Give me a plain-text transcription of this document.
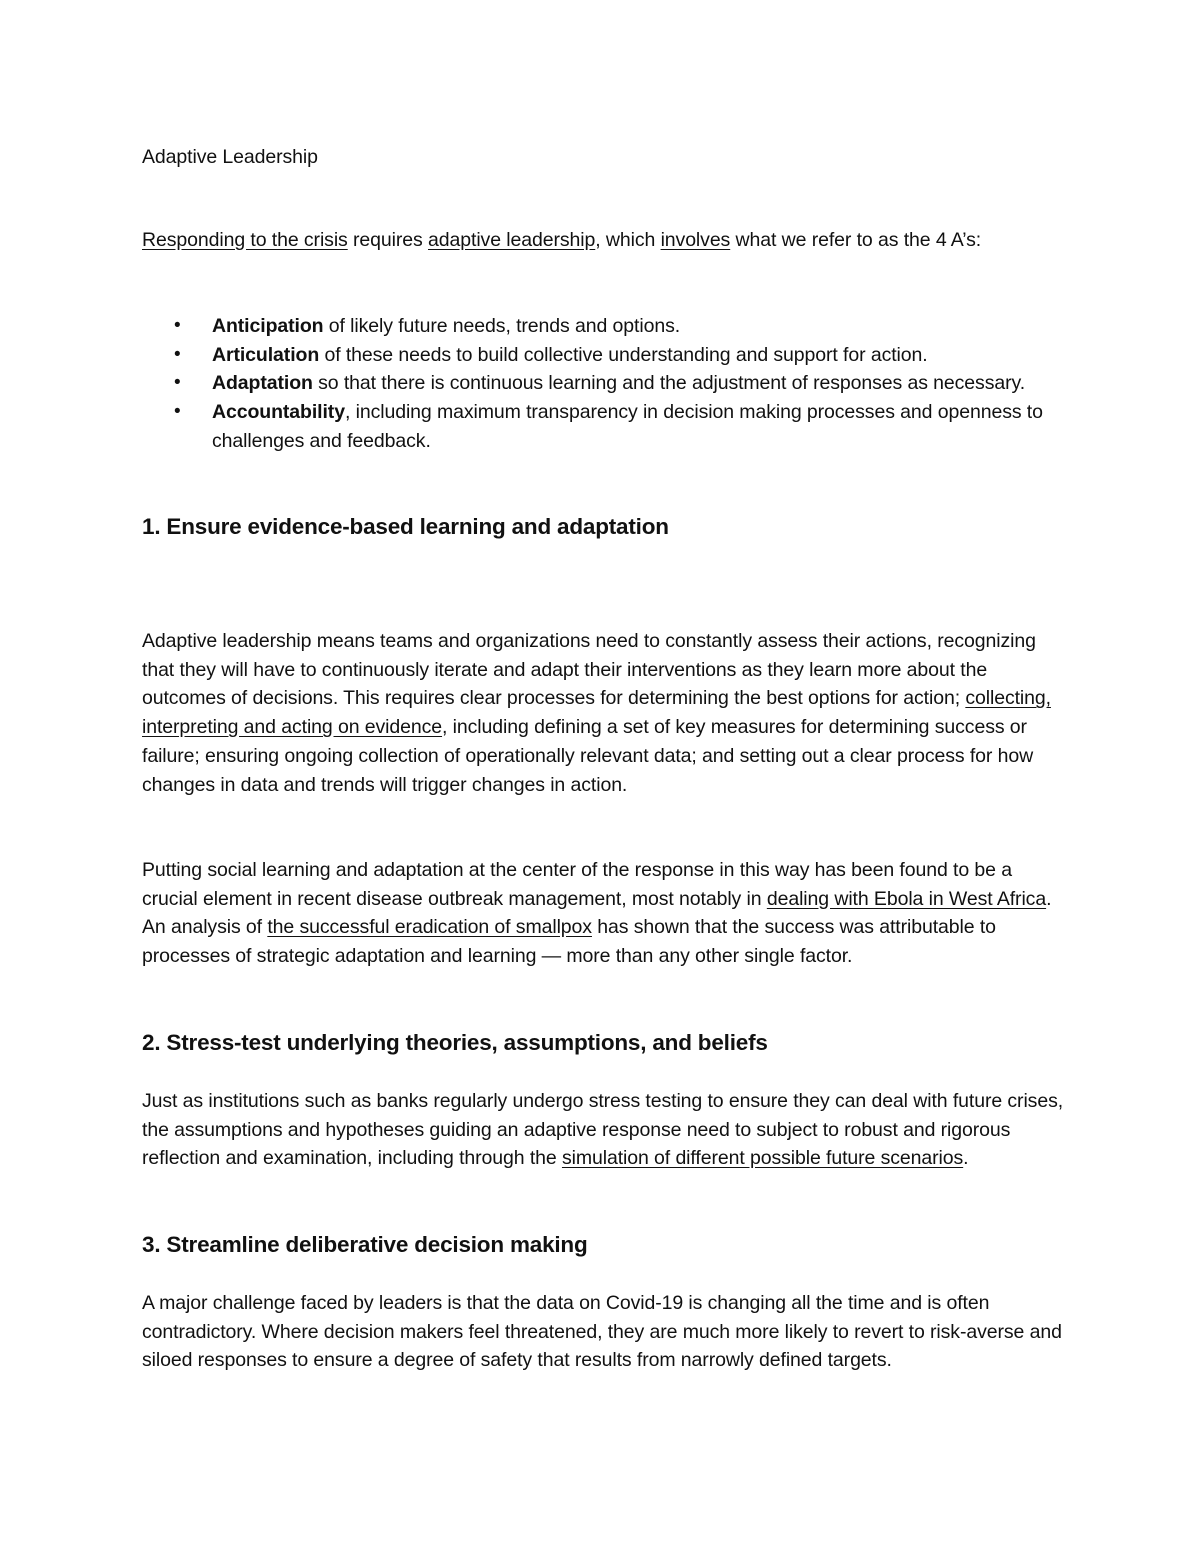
Adaptive Leadership

Responding to the crisis requires adaptive leadership, which involves what we refer to as the 4 A’s:

• Anticipation of likely future needs, trends and options.
• Articulation of these needs to build collective understanding and support for action.
• Adaptation so that there is continuous learning and the adjustment of responses as necessary.
• Accountability, including maximum transparency in decision making processes and openness to challenges and feedback.
1. Ensure evidence-based learning and adaptation

Adaptive leadership means teams and organizations need to constantly assess their actions, recognizing that they will have to continuously iterate and adapt their interventions as they learn more about the outcomes of decisions. This requires clear processes for determining the best options for action; collecting, interpreting and acting on evidence, including defining a set of key measures for determining success or failure; ensuring ongoing collection of operationally relevant data; and setting out a clear process for how changes in data and trends will trigger changes in action.

Putting social learning and adaptation at the center of the response in this way has been found to be a crucial element in recent disease outbreak management, most notably in dealing with Ebola in West Africa. An analysis of the successful eradication of smallpox has shown that the success was attributable to processes of strategic adaptation and learning — more than any other single factor.

2. Stress-test underlying theories, assumptions, and beliefs

Just as institutions such as banks regularly undergo stress testing to ensure they can deal with future crises, the assumptions and hypotheses guiding an adaptive response need to subject to robust and rigorous reflection and examination, including through the simulation of different possible future scenarios.

3. Streamline deliberative decision making

A major challenge faced by leaders is that the data on Covid-19 is changing all the time and is often contradictory. Where decision makers feel threatened, they are much more likely to revert to risk-averse and siloed responses to ensure a degree of safety that results from narrowly defined targets.
